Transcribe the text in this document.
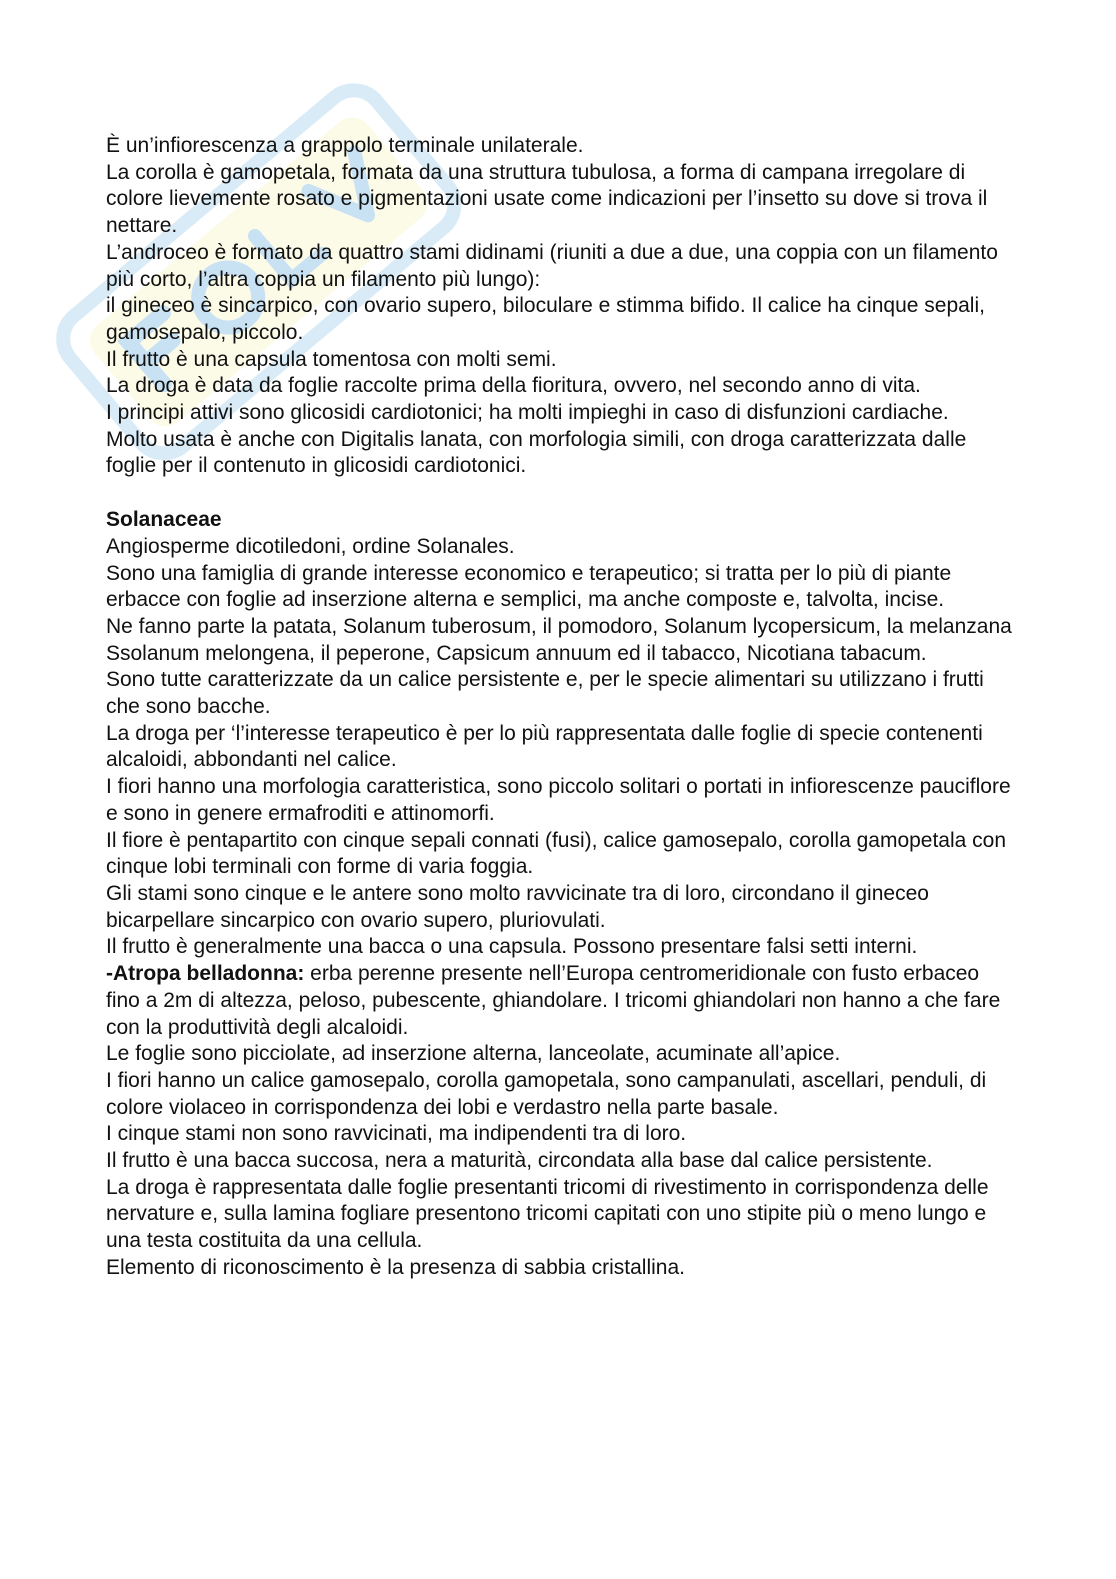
È un’infiorescenza a grappolo terminale unilaterale.

La corolla è gamopetala, formata da una struttura tubulosa, a forma di campana irregolare di colore lievemente rosato e pigmentazioni usate come indicazioni per l’insetto su dove si trova il nettare.

L’androceo è formato da quattro stami didinami (riuniti a due a due, una coppia con un filamento più corto, l’altra coppia un filamento più lungo):

il gineceo è sincarpico, con ovario supero, biloculare e stimma bifido. Il calice ha cinque sepali, gamosepalo, piccolo.

Il frutto è una capsula tomentosa con molti semi.

La droga è data da foglie raccolte prima della fioritura, ovvero, nel secondo anno di vita.

I principi attivi sono glicosidi cardiotonici; ha molti impieghi in caso di disfunzioni cardiache.

Molto usata è anche con Digitalis lanata, con morfologia simili, con droga caratterizzata dalle foglie per il contenuto in glicosidi cardiotonici.

Solanaceae

Angiosperme dicotiledoni, ordine Solanales.

Sono una famiglia di grande interesse economico e terapeutico; si tratta per lo più di piante erbacce con foglie ad inserzione alterna e semplici, ma anche composte e, talvolta, incise.

Ne fanno parte la patata, Solanum tuberosum, il pomodoro, Solanum lycopersicum, la melanzana Ssolanum melongena, il peperone, Capsicum annuum ed il tabacco, Nicotiana tabacum.

Sono tutte caratterizzate da un calice persistente e, per le specie alimentari su utilizzano i frutti che sono bacche.

La droga per ‘l’interesse terapeutico è per lo più rappresentata dalle foglie di specie contenenti alcaloidi, abbondanti nel calice.

I fiori hanno una morfologia caratteristica, sono piccolo solitari o portati in infiorescenze pauciflore e sono in genere ermafroditi e attinomorfi.

Il fiore è pentapartito con cinque sepali connati (fusi), calice gamosepalo, corolla gamopetala con cinque lobi terminali con forme di varia foggia.

Gli stami sono cinque e le antere sono molto ravvicinate tra di loro, circondano il gineceo bicarpellare sincarpico con ovario supero, pluriovulati.

Il frutto è generalmente una bacca o una capsula. Possono presentare falsi setti interni.

-Atropa belladonna: erba perenne presente nell’Europa centromeridionale con fusto erbaceo fino a 2m di altezza, peloso, pubescente, ghiandolare. I tricomi ghiandolari non hanno a che fare con la produttività degli alcaloidi.

Le foglie sono picciolate, ad inserzione alterna, lanceolate, acuminate all’apice.

I fiori hanno un calice gamosepalo, corolla gamopetala, sono campanulati, ascellari, penduli, di colore violaceo in corrispondenza dei lobi e verdastro nella parte basale.

I cinque stami non sono ravvicinati, ma indipendenti tra di loro.

Il frutto è una bacca succosa, nera a maturità, circondata alla base dal calice persistente.

La droga è rappresentata dalle foglie presentanti tricomi di rivestimento in corrispondenza delle nervature e, sulla lamina fogliare presentono tricomi capitati con uno stipite più o meno lungo e una testa costituita da una cellula.

Elemento di riconoscimento è la presenza di sabbia cristallina.
